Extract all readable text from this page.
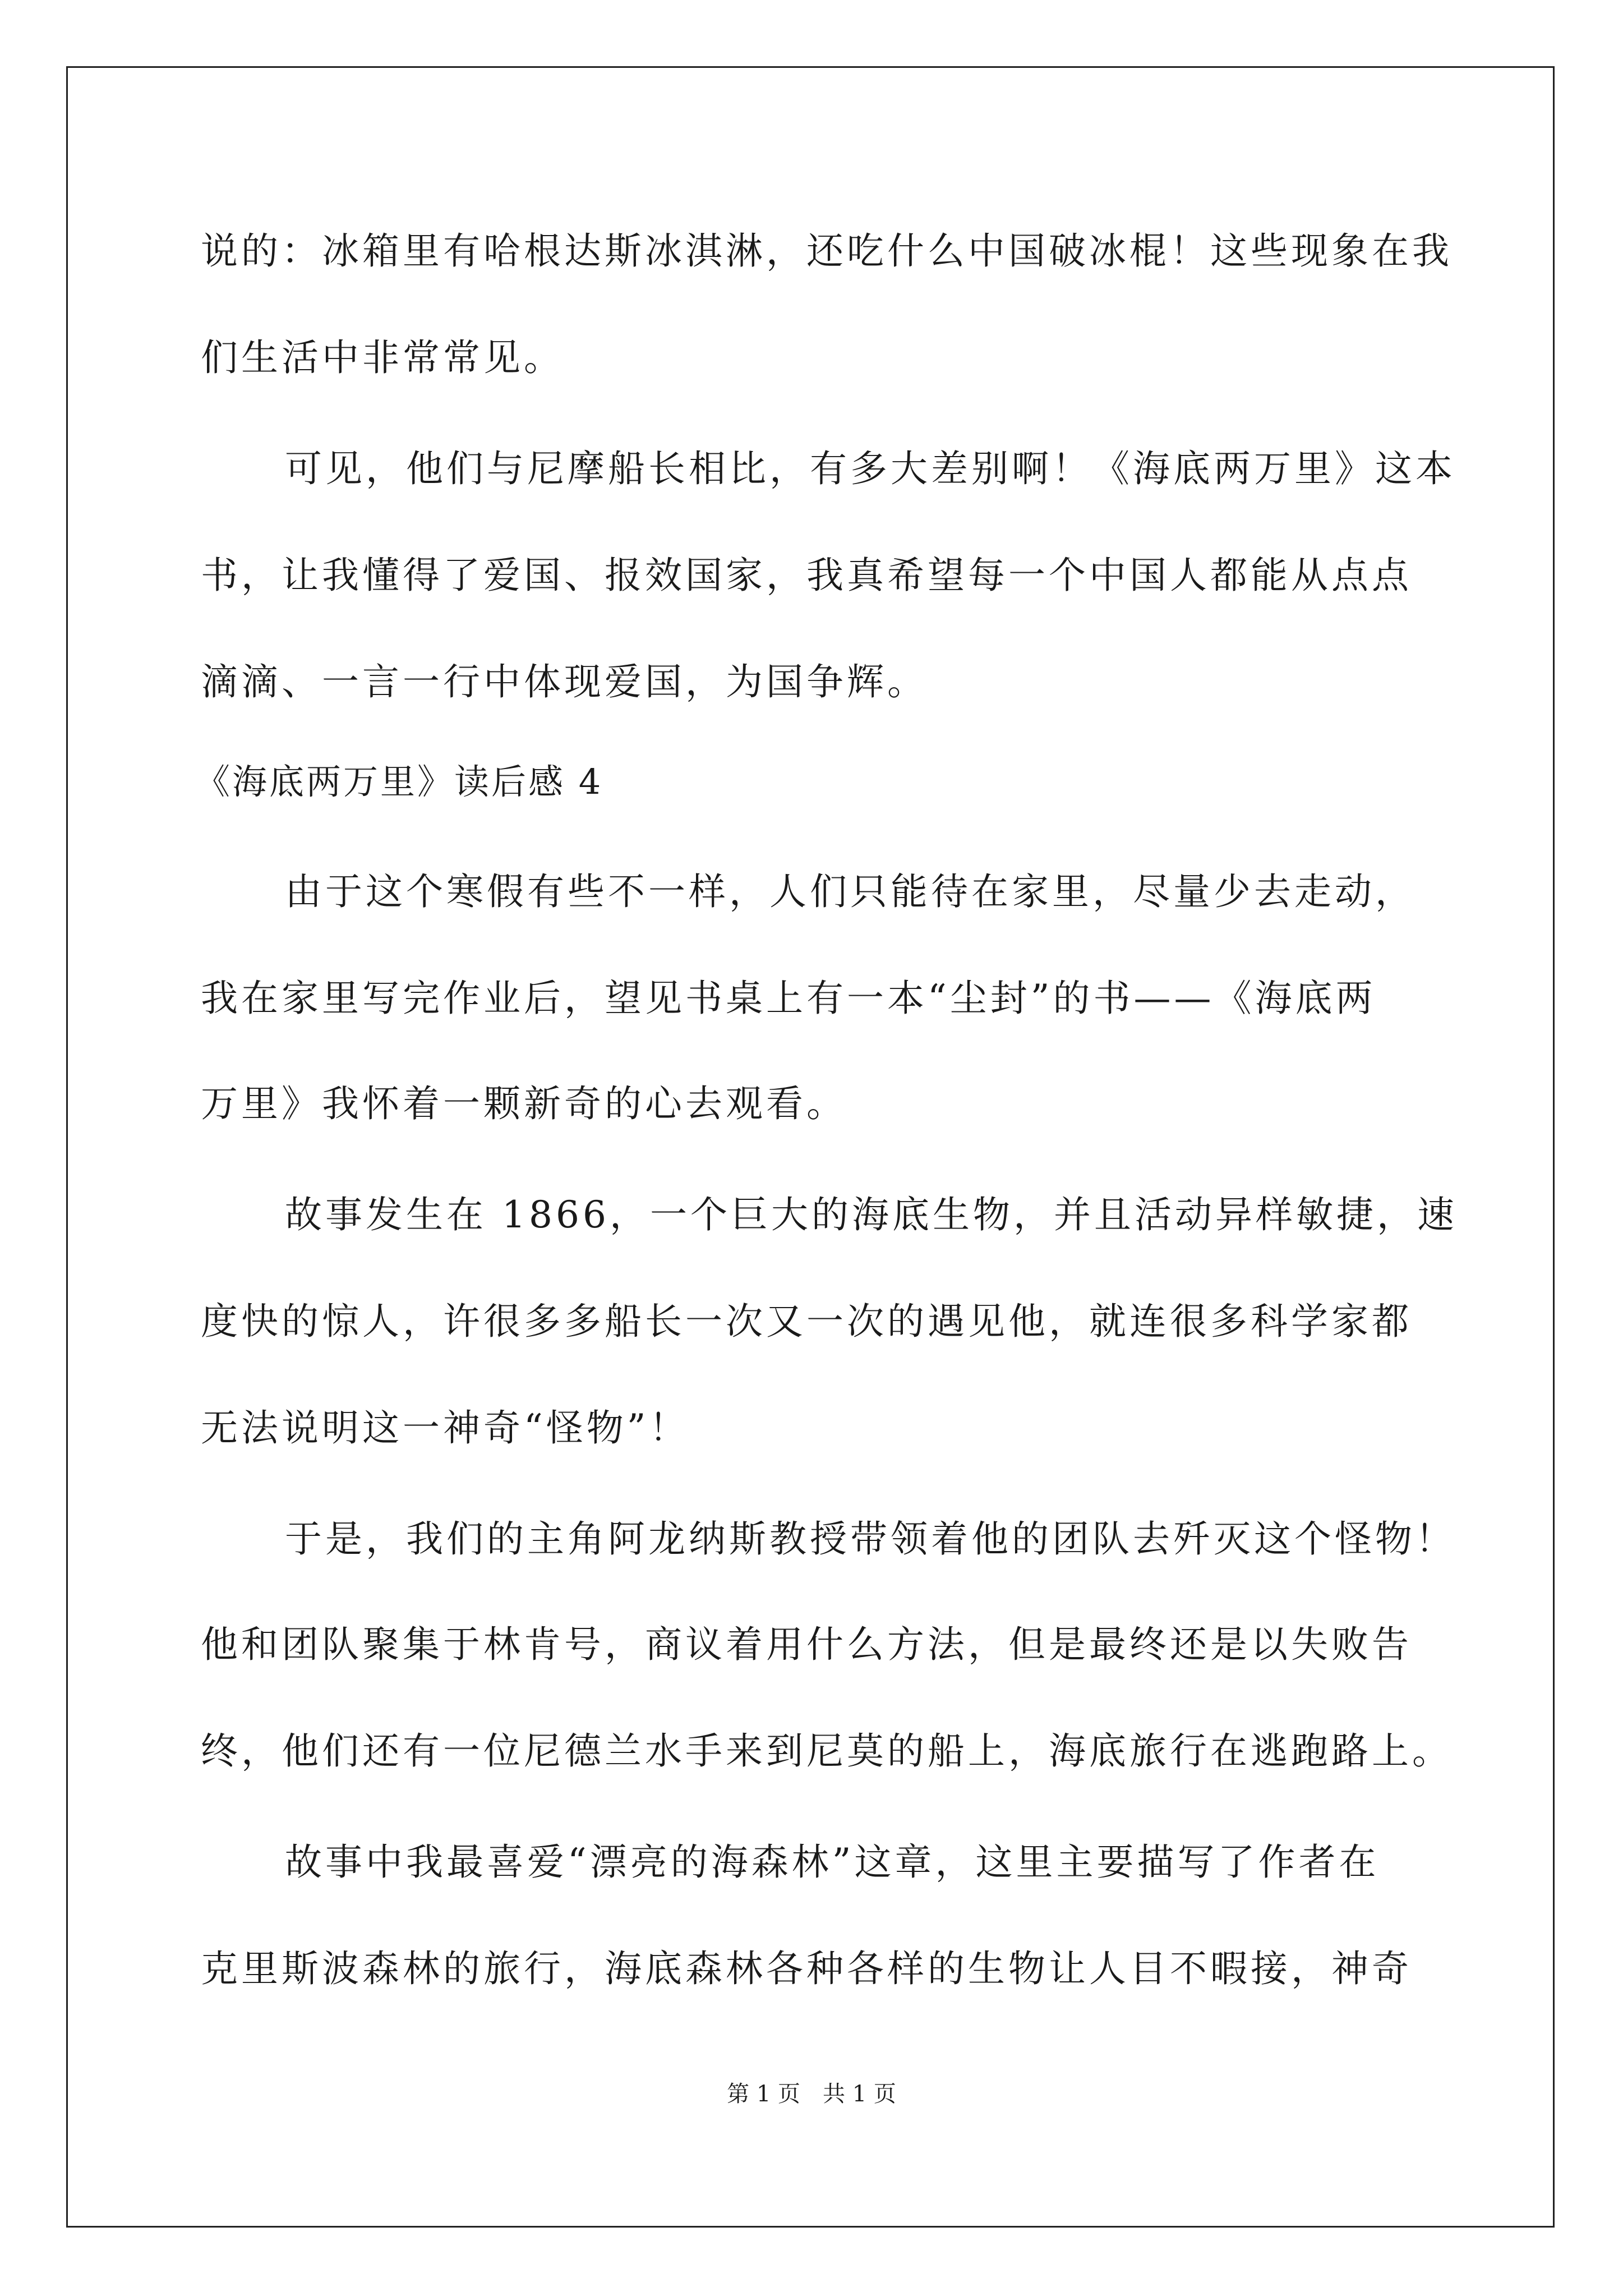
说的：冰箱里有哈根达斯冰淇淋，还吃什么中国破冰棍！这些现象在我
们生活中非常常见。
可见，他们与尼摩船长相比，有多大差别啊！《海底两万里》这本
书，让我懂得了爱国、报效国家，我真希望每一个中国人都能从点点
滴滴、一言一行中体现爱国，为国争辉。
《海底两万里》读后感 4
由于这个寒假有些不一样，人们只能待在家里，尽量少去走动，
我在家里写完作业后，望见书桌上有一本“尘封”的书——《海底两
万里》我怀着一颗新奇的心去观看。
故事发生在 1866，一个巨大的海底生物，并且活动异样敏捷，速
度快的惊人，许很多多船长一次又一次的遇见他，就连很多科学家都
无法说明这一神奇“怪物”！
于是，我们的主角阿龙纳斯教授带领着他的团队去歼灭这个怪物！
他和团队聚集于林肯号，商议着用什么方法，但是最终还是以失败告
终，他们还有一位尼德兰水手来到尼莫的船上，海底旅行在逃跑路上。
故事中我最喜爱“漂亮的海森林”这章，这里主要描写了作者在
克里斯波森林的旅行，海底森林各种各样的生物让人目不暇接，神奇
第 1 页 共 1 页
